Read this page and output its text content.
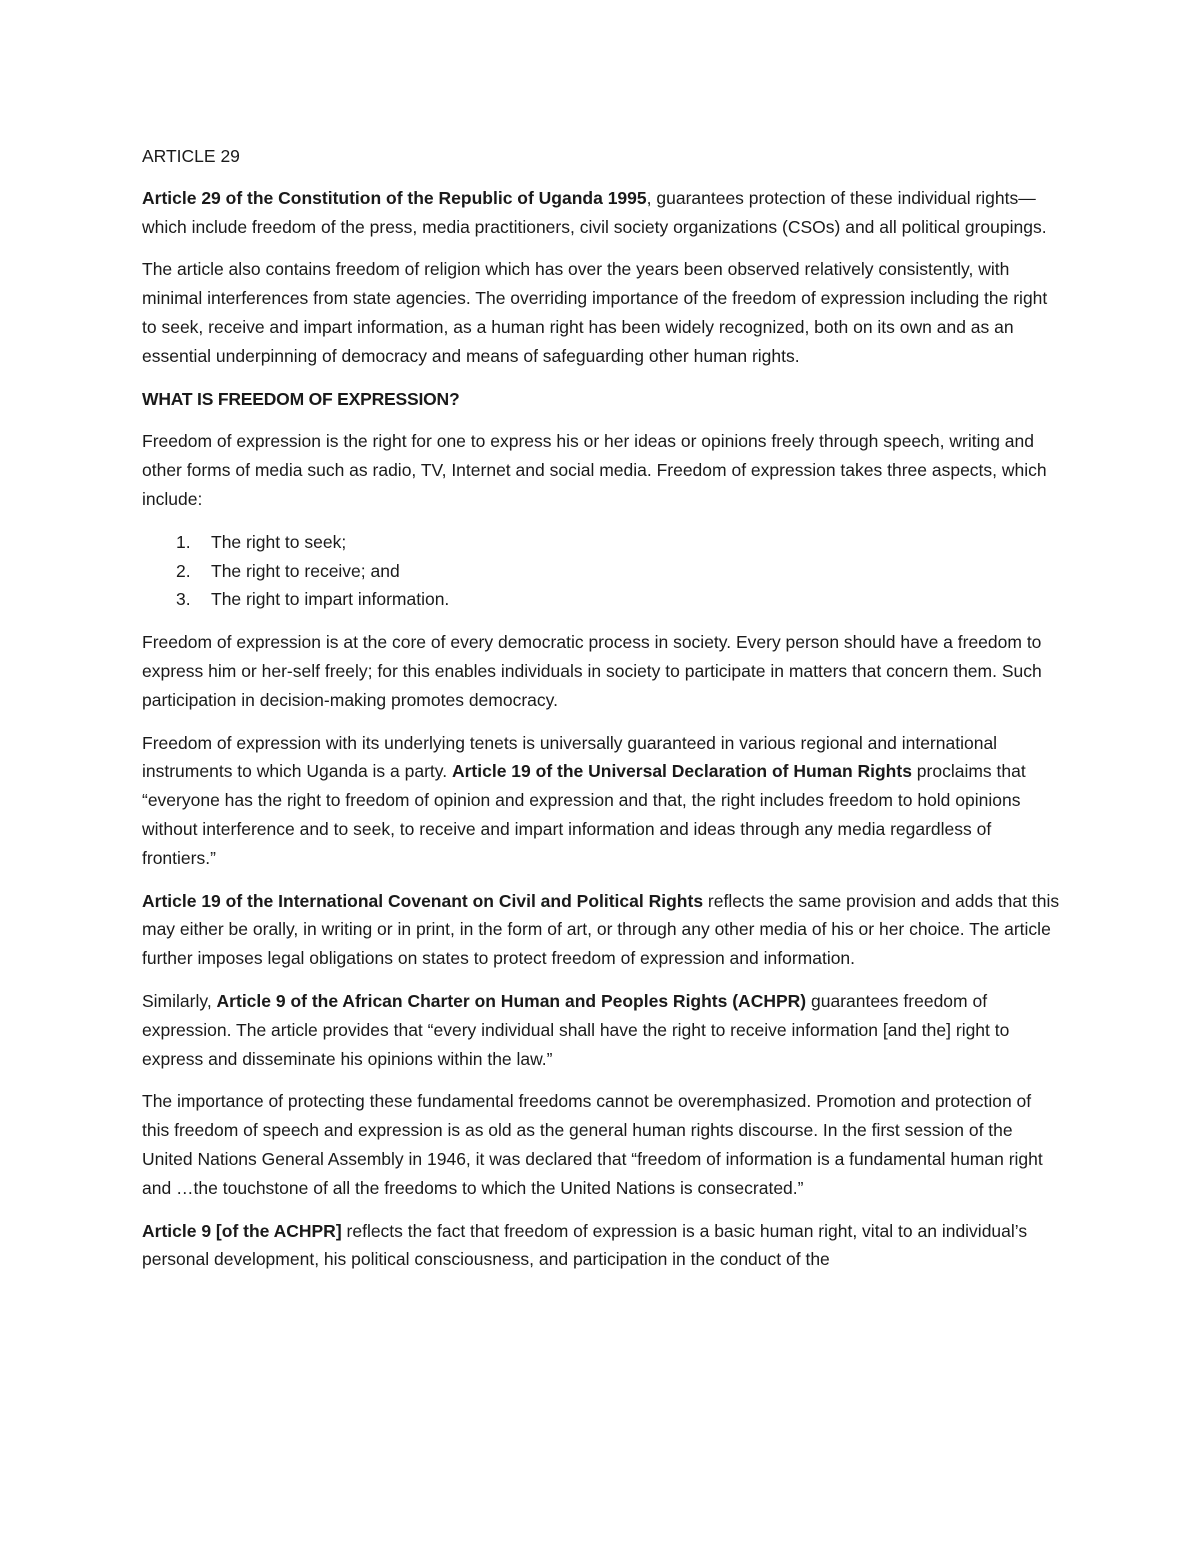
ARTICLE 29

Article 29 of the Constitution of the Republic of Uganda 1995, guarantees protection of these individual rights—which include freedom of the press, media practitioners, civil society organizations (CSOs) and all political groupings.

The article also contains freedom of religion which has over the years been observed relatively consistently, with minimal interferences from state agencies. The overriding importance of the freedom of expression including the right to seek, receive and impart information, as a human right has been widely recognized, both on its own and as an essential underpinning of democracy and means of safeguarding other human rights.

WHAT IS FREEDOM OF EXPRESSION?

Freedom of expression is the right for one to express his or her ideas or opinions freely through speech, writing and other forms of media such as radio, TV, Internet and social media. Freedom of expression takes three aspects, which include:

1. The right to seek;
2. The right to receive; and
3. The right to impart information.

Freedom of expression is at the core of every democratic process in society. Every person should have a freedom to express him or her-self freely; for this enables individuals in society to participate in matters that concern them. Such participation in decision-making promotes democracy.

Freedom of expression with its underlying tenets is universally guaranteed in various regional and international instruments to which Uganda is a party. Article 19 of the Universal Declaration of Human Rights proclaims that “everyone has the right to freedom of opinion and expression and that, the right includes freedom to hold opinions without interference and to seek, to receive and impart information and ideas through any media regardless of frontiers.”

Article 19 of the International Covenant on Civil and Political Rights reflects the same provision and adds that this may either be orally, in writing or in print, in the form of art, or through any other media of his or her choice. The article further imposes legal obligations on states to protect freedom of expression and information.

Similarly, Article 9 of the African Charter on Human and Peoples Rights (ACHPR) guarantees freedom of expression. The article provides that “every individual shall have the right to receive information [and the] right to express and disseminate his opinions within the law.”

The importance of protecting these fundamental freedoms cannot be overemphasized. Promotion and protection of this freedom of speech and expression is as old as the general human rights discourse. In the first session of the United Nations General Assembly in 1946, it was declared that “freedom of information is a fundamental human right and …the touchstone of all the freedoms to which the United Nations is consecrated.”

Article 9 [of the ACHPR] reflects the fact that freedom of expression is a basic human right, vital to an individual’s personal development, his political consciousness, and participation in the conduct of the
